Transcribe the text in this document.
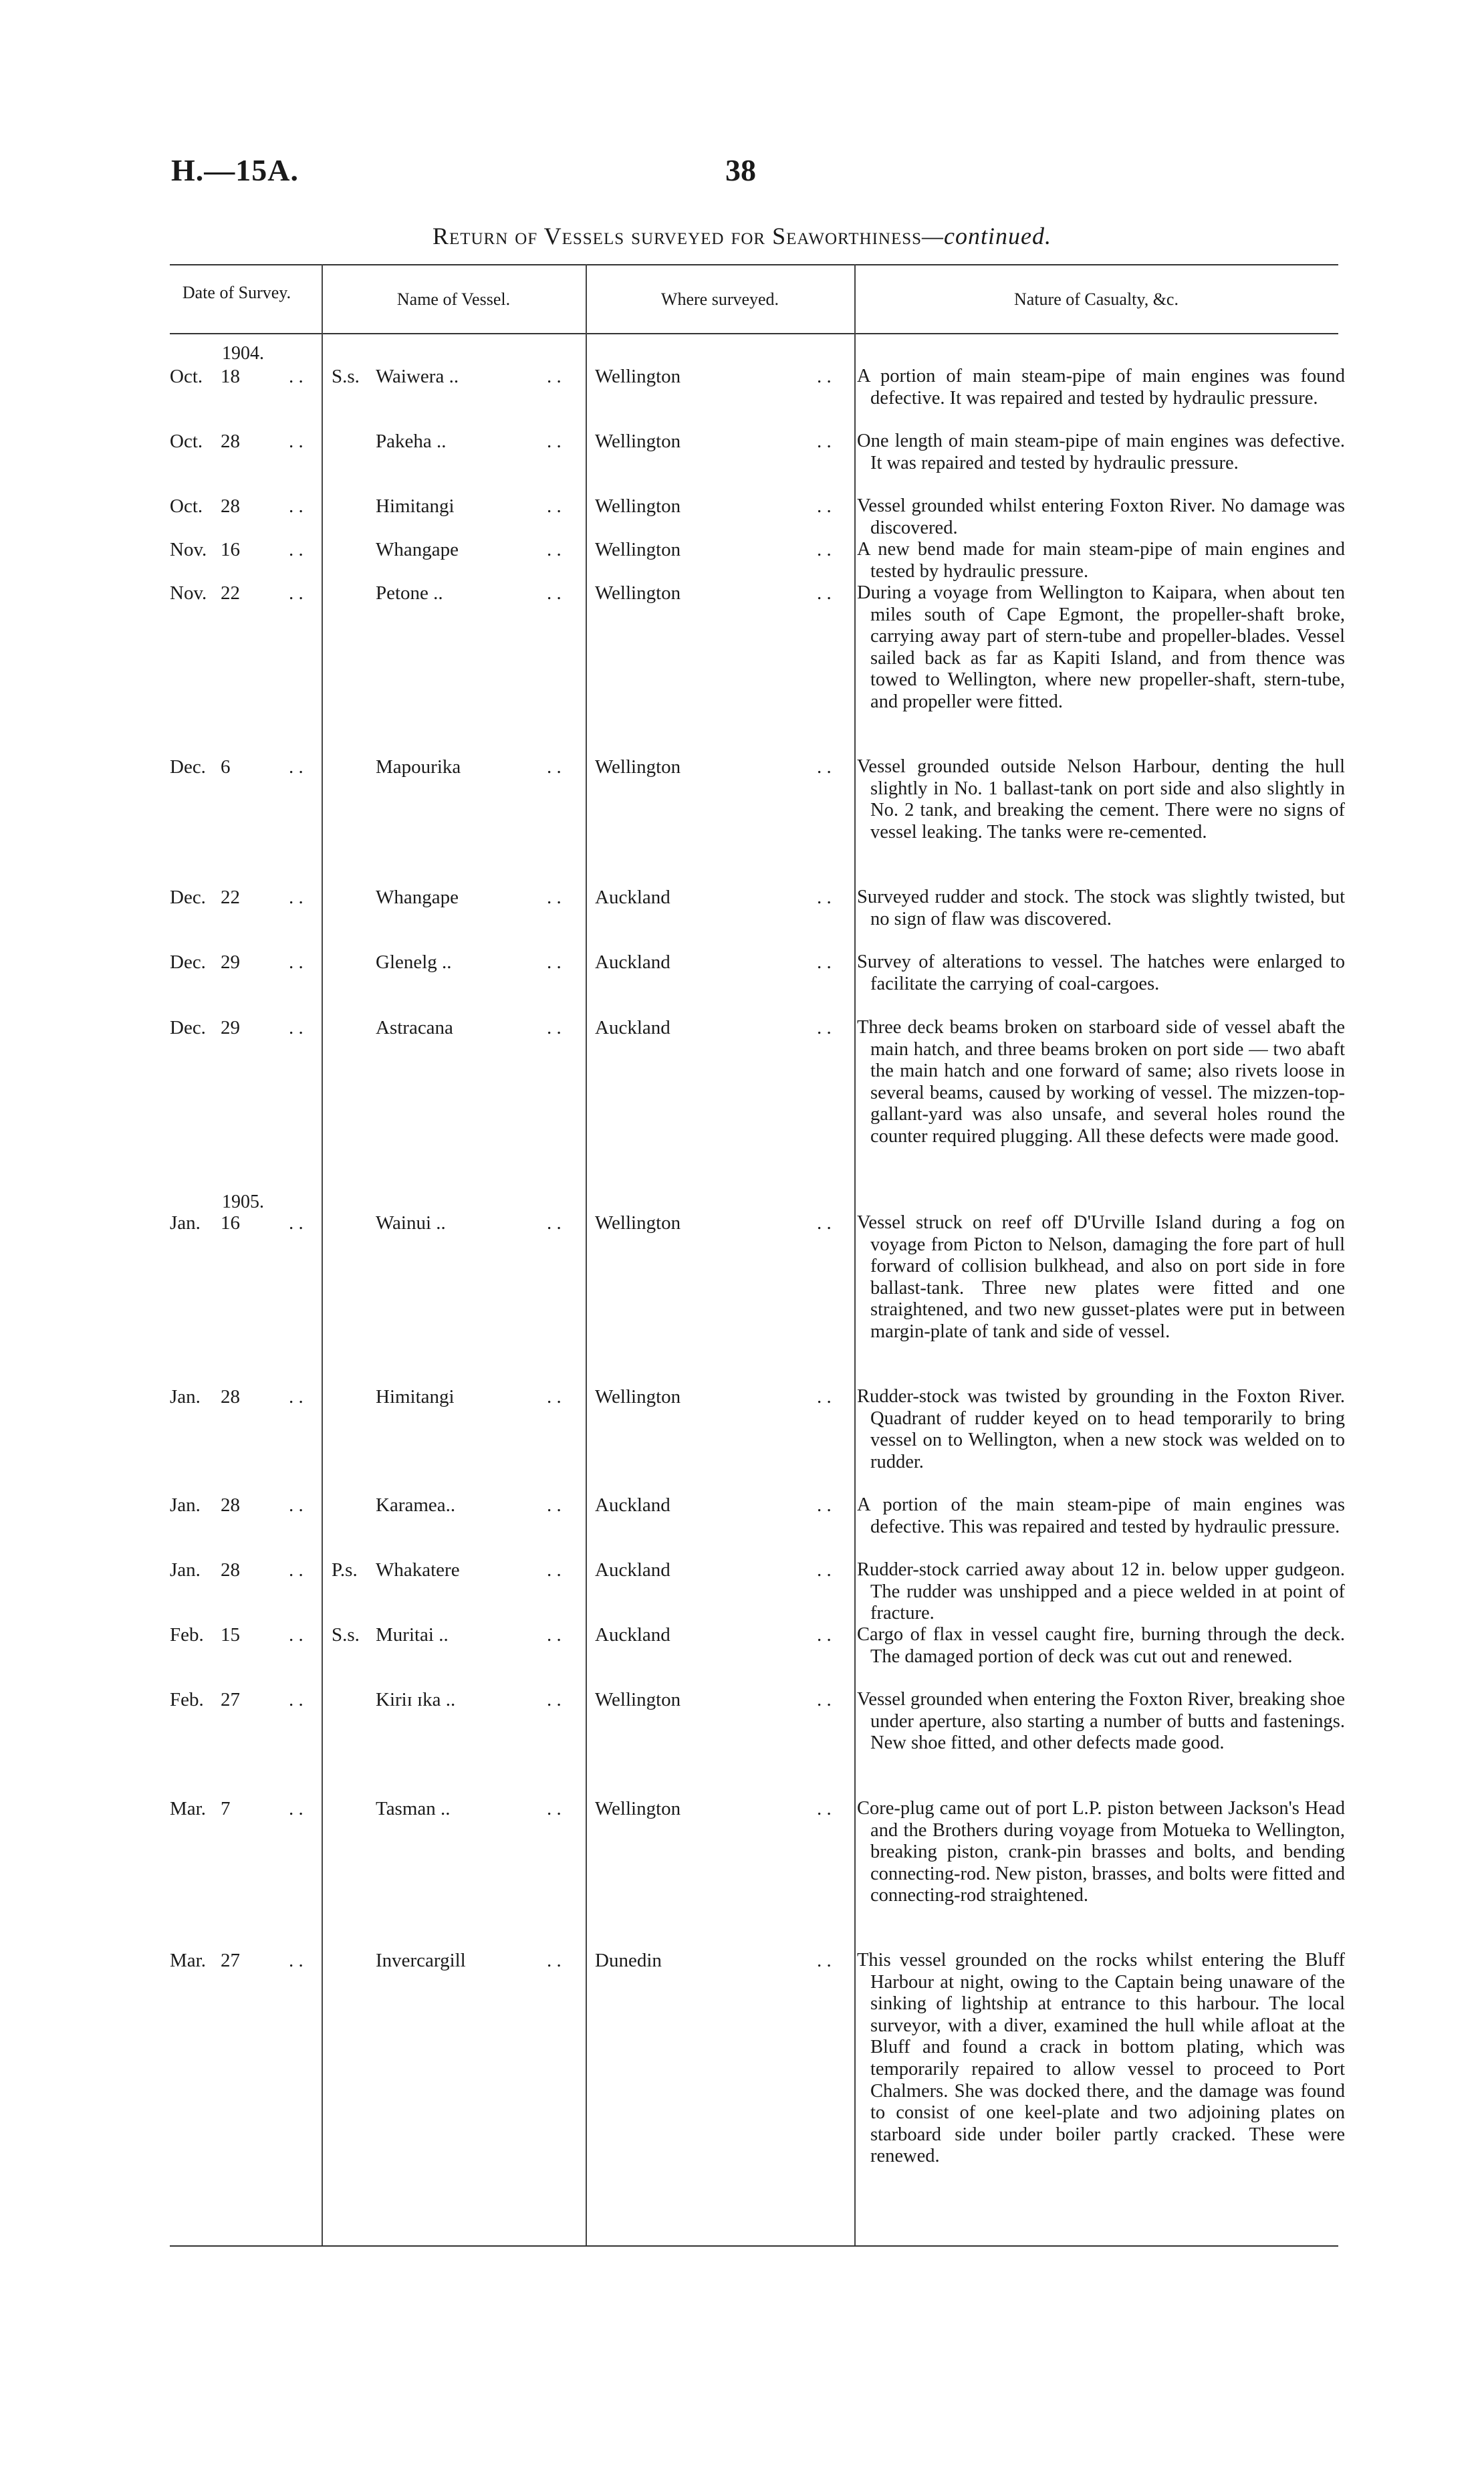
H.—15A.	38
Return of Vessels surveyed for Seaworthiness—continued.
Date of Survey.	Name of Vessel.	Where surveyed.	Nature of Casualty, &c.
1904.
1905.
Oct. 18	S.s. Waiwera ..	Wellington	A portion of main steam-pipe of main engines was found defective. It was repaired and tested by hydraulic pressure.
. .	. .	. .
Oct. 28	Pakeha ..	Wellington	One length of main steam-pipe of main engines was defective. It was repaired and tested by hydraulic pressure.
. .	. .	. .
Oct. 28	Himitangi	Wellington	Vessel grounded whilst entering Foxton River. No damage was discovered.
. .	. .	. .
Nov. 16	Whangape	Wellington	A new bend made for main steam-pipe of main engines and tested by hydraulic pressure.
. .	. .	. .
Nov. 22	Petone ..	Wellington	During a voyage from Wellington to Kaipara, when about ten miles south of Cape Egmont, the propeller-shaft broke, carrying away part of stern-tube and propeller-blades. Vessel sailed back as far as Kapiti Island, and from thence was towed to Wellington, where new propeller-shaft, stern-tube, and propeller were fitted.
. .	. .	. .
Dec. 6	Mapourika	Wellington	Vessel grounded outside Nelson Harbour, denting the hull slightly in No. 1 ballast-tank on port side and also slightly in No. 2 tank, and breaking the cement. There were no signs of vessel leaking. The tanks were re-cemented.
. .	. .	. .
Dec. 22	Whangape	Auckland	Surveyed rudder and stock. The stock was slightly twisted, but no sign of flaw was discovered.
. .	. .	. .
Dec. 29	Glenelg ..	Auckland	Survey of alterations to vessel. The hatches were enlarged to facilitate the carrying of coal-cargoes.
. .	. .	. .
Dec. 29	Astracana	Auckland	Three deck beams broken on starboard side of vessel abaft the main hatch, and three beams broken on port side — two abaft the main hatch and one forward of same; also rivets loose in several beams, caused by working of vessel. The mizzen-top-gallant-yard was also unsafe, and several holes round the counter required plugging. All these defects were made good.
. .	. .	. .
Jan.	16	Wainui ..	Wellington	Vessel struck on reef off D'Urville Island during a fog on voyage from Picton to Nelson, damaging the fore part of hull forward of collision bulkhead, and also on port side in fore ballast-tank. Three new plates were fitted and one straightened, and two new gusset-plates were put in between margin-plate of tank and side of vessel.
. .	. .	. .
Jan.	28	Himitangi	Wellington	Rudder-stock was twisted by grounding in the Foxton River. Quadrant of rudder keyed on to head temporarily to bring vessel on to Wellington, when a new stock was welded on to rudder.
. .	. .	. .
Jan.	28	Karamea..	Auckland	A portion of the main steam-pipe of main engines was defective. This was repaired and tested by hydraulic pressure.
. .	. .	. .
Jan.	28	P.s. Whakatere	Auckland	Rudder-stock carried away about 12 in. below upper gudgeon. The rudder was unshipped and a piece welded in at point of fracture.
. .	. .	. .
Feb. 15	S.s. Muritai ..	Auckland	Cargo of flax in vessel caught fire, burning through the deck. The damaged portion of deck was cut out and renewed.
. .	. .	. .
Feb. 27	Kiriɪ ɪka ..	Wellington	Vessel grounded when entering the Foxton River, breaking shoe under aperture, also starting a number of butts and fastenings. New shoe fitted, and other defects made good.
. .	. .	. .
Mar. 7	Tasman ..	Wellington	Core-plug came out of port L.P. piston between Jackson's Head and the Brothers during voyage from Motueka to Wellington, breaking piston, crank-pin brasses and bolts, and bending connecting-rod. New piston, brasses, and bolts were fitted and connecting-rod straightened.
. .	. .	. .
Mar. 27	Invercargill	Dunedin	This vessel grounded on the rocks whilst entering the Bluff Harbour at night, owing to the Captain being unaware of the sinking of lightship at entrance to this harbour. The local surveyor, with a diver, examined the hull while afloat at the Bluff and found a crack in bottom plating, which was temporarily repaired to allow vessel to proceed to Port Chalmers. She was docked there, and the damage was found to consist of one keel-plate and two adjoining plates on starboard side under boiler partly cracked. These were renewed.
. .	. .	. .
